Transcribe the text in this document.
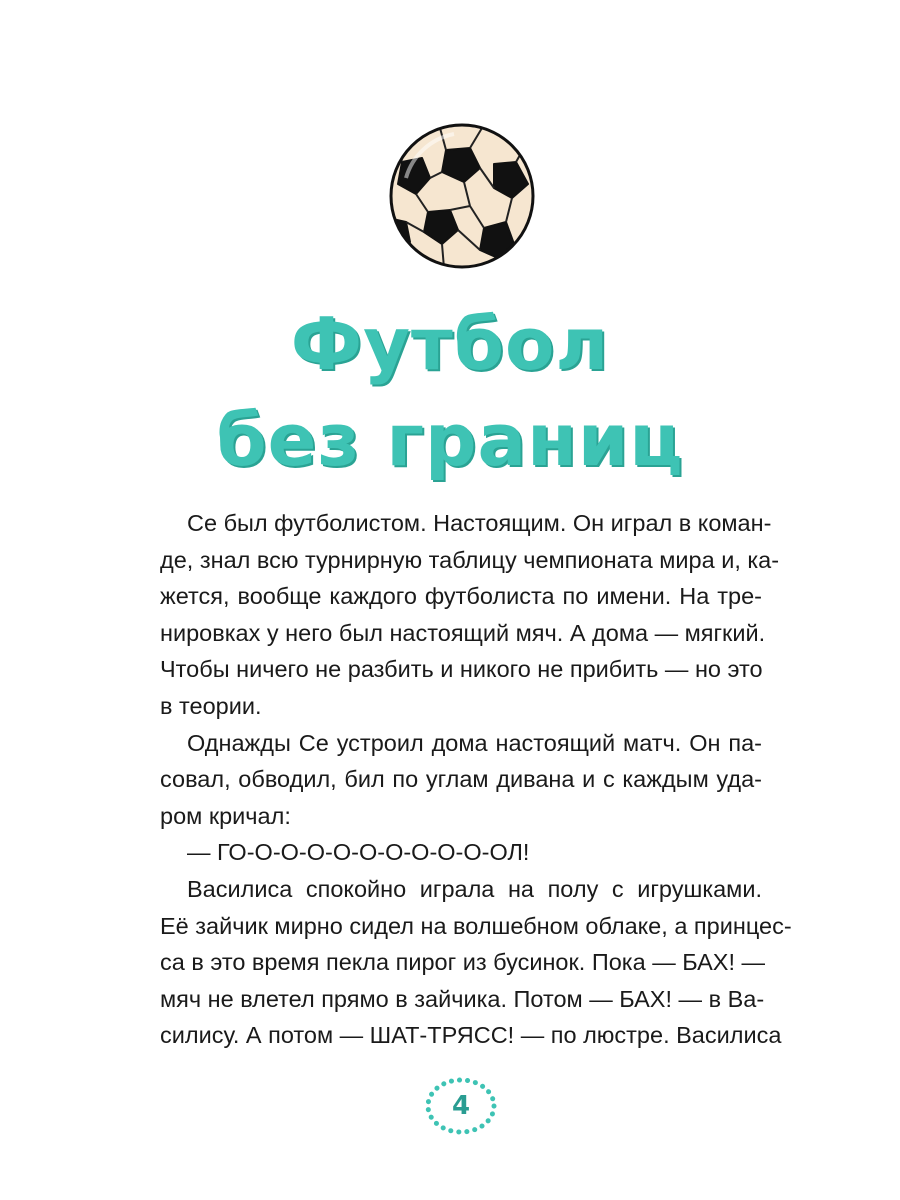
Футбол
без границ
Се был футболистом. Настоящим. Он играл в коман-
де, знал всю турнирную таблицу чемпионата мира и, ка-
жется, вообще каждого футболиста по имени. На тре-
нировках у него был настоящий мяч. А дома — мягкий.
Чтобы ничего не разбить и никого не прибить — но это
в теории.
Однажды Се устроил дома настоящий матч. Он па-
совал, обводил, бил по углам дивана и с каждым уда-
ром кричал:
— ГО-О-О-О-О-О-О-О-О-О-ОЛ!
Василиса спокойно играла на полу с игрушками.
Её зайчик мирно сидел на волшебном облаке, а принцес-
са в это время пекла пирог из бусинок. Пока — БАХ! —
мяч не влетел прямо в зайчика. Потом — БАХ! — в Ва-
силису. А потом — ШАТ-ТРЯСС! — по люстре. Василиса
4
